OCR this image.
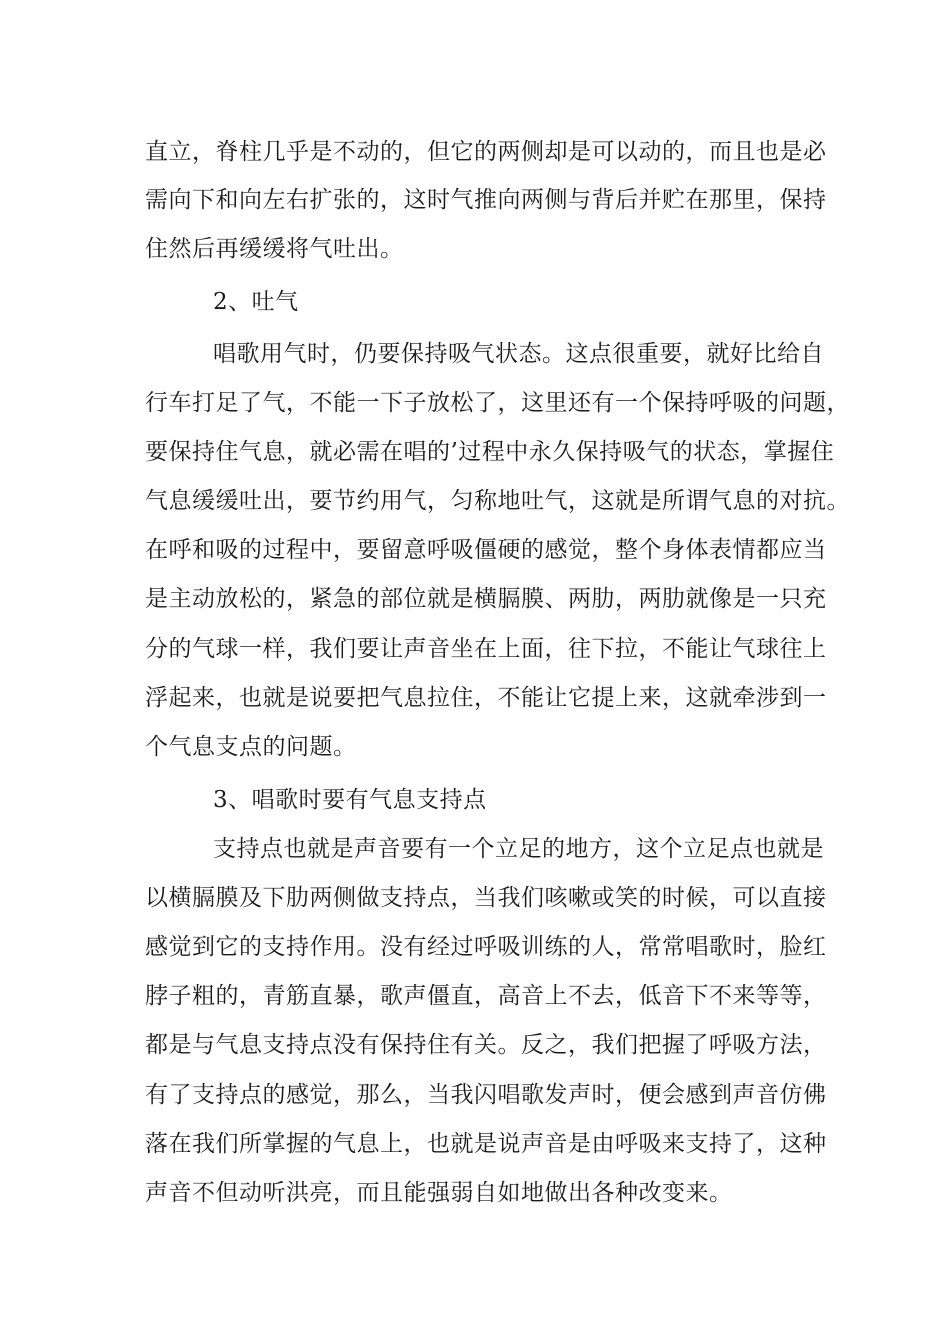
直立，脊柱几乎是不动的，但它的两侧却是可以动的，而且也是必
需向下和向左右扩张的，这时气推向两侧与背后并贮在那里，保持
住然后再缓缓将气吐出。
2、吐气
唱歌用气时，仍要保持吸气状态。这点很重要，就好比给自
行车打足了气，不能一下子放松了，这里还有一个保持呼吸的问题，
要保持住气息，就必需在唱的’过程中永久保持吸气的状态，掌握住
气息缓缓吐出，要节约用气，匀称地吐气，这就是所谓气息的对抗。
在呼和吸的过程中，要留意呼吸僵硬的感觉，整个身体表情都应当
是主动放松的，紧急的部位就是横膈膜、两肋，两肋就像是一只充
分的气球一样，我们要让声音坐在上面，往下拉，不能让气球往上
浮起来，也就是说要把气息拉住，不能让它提上来，这就牵涉到一
个气息支点的问题。
3、唱歌时要有气息支持点
支持点也就是声音要有一个立足的地方，这个立足点也就是
以横膈膜及下肋两侧做支持点，当我们咳嗽或笑的时候，可以直接
感觉到它的支持作用。没有经过呼吸训练的人，常常唱歌时，脸红
脖子粗的，青筋直暴，歌声僵直，高音上不去，低音下不来等等，
都是与气息支持点没有保持住有关。反之，我们把握了呼吸方法，
有了支持点的感觉，那么，当我闪唱歌发声时，便会感到声音仿佛
落在我们所掌握的气息上，也就是说声音是由呼吸来支持了，这种
声音不但动听洪亮，而且能强弱自如地做出各种改变来。
